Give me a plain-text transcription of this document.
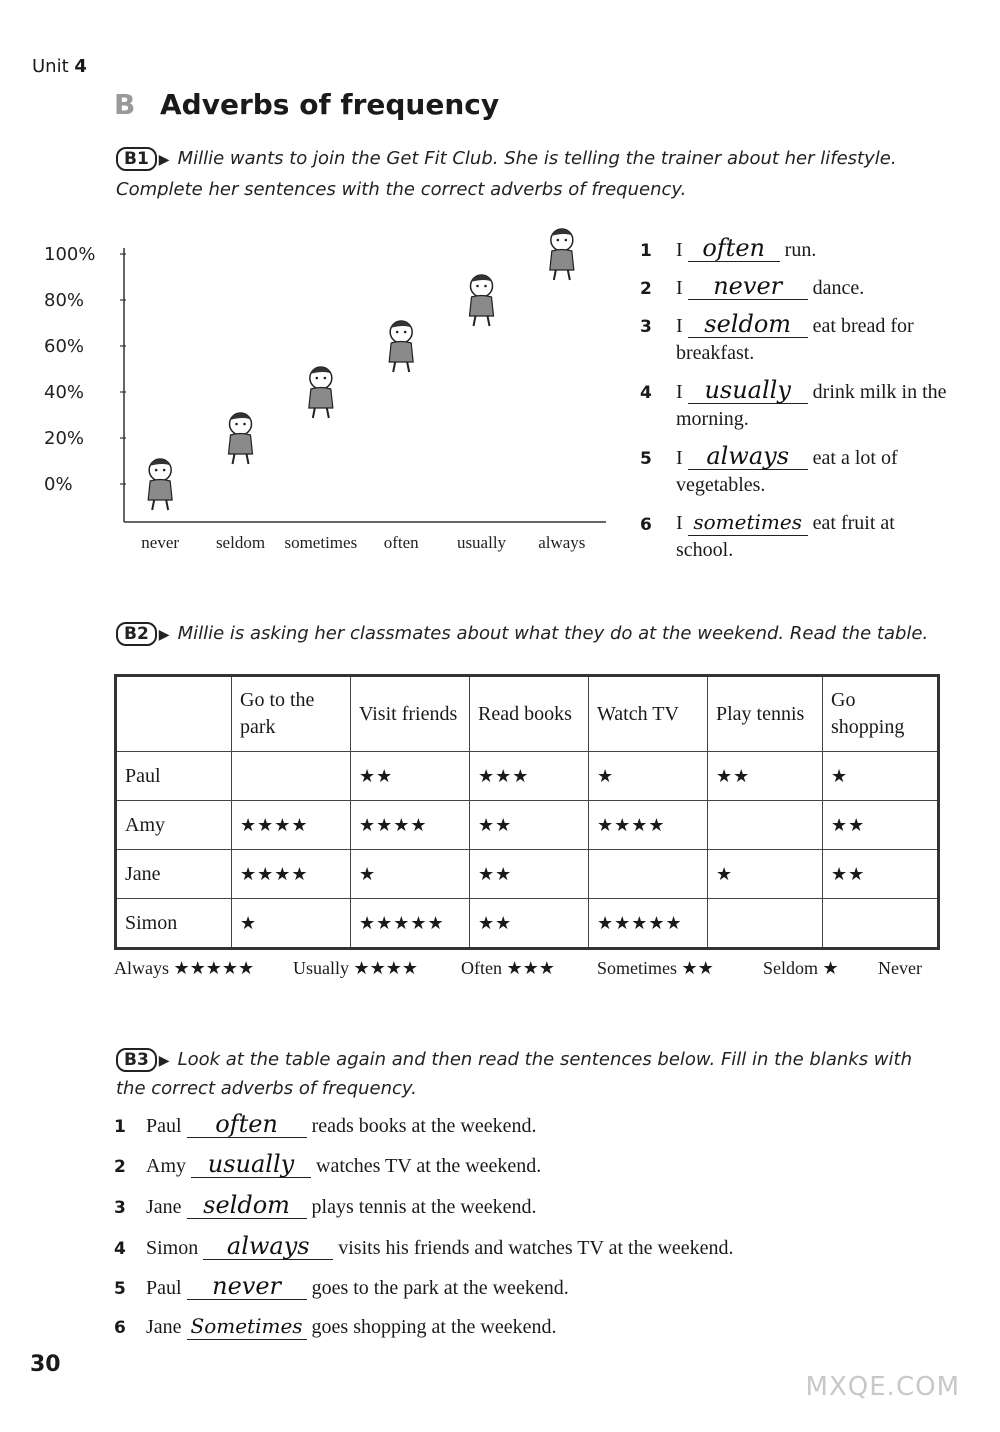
Unit 4
B Adverbs of frequency
B1 ▶ Millie wants to join the Get Fit Club. She is telling the trainer about her lifestyle.
Complete her sentences with the correct adverbs of frequency.
100%
80%
60%
40%
20%
0%
never seldom sometimes often usually always
1 I often run.
2 I never dance.
3 I seldom eat bread for breakfast.
4 I usually drink milk in the morning.
5 I always eat a lot of vegetables.
6 I sometimes eat fruit at school.
B2 ▶ Millie is asking her classmates about what they do at the weekend. Read the table.
	Go to the park	Visit friends	Read books	Watch TV	Play tennis	Go shopping
Paul		★★	★★★	★	★★	★
Amy	★★★★	★★★★	★★	★★★★		★★
Jane	★★★★	★	★★		★	★★
Simon	★	★★★★★	★★	★★★★★		
Always ★★★★★ Usually ★★★★ Often ★★★ Sometimes ★★	Seldom ★ Never
B3 ▶ Look at the table again and then read the sentences below. Fill in the blanks with
the correct adverbs of frequency.
1 Paul often reads books at the weekend.
2 Amy usually watches TV at the weekend.
3 Jane seldom plays tennis at the weekend.
4 Simon always visits his friends and watches TV at the weekend.
5 Paul never goes to the park at the weekend.
6 Jane Sometimes goes shopping at the weekend.
30
MXQE.COM
